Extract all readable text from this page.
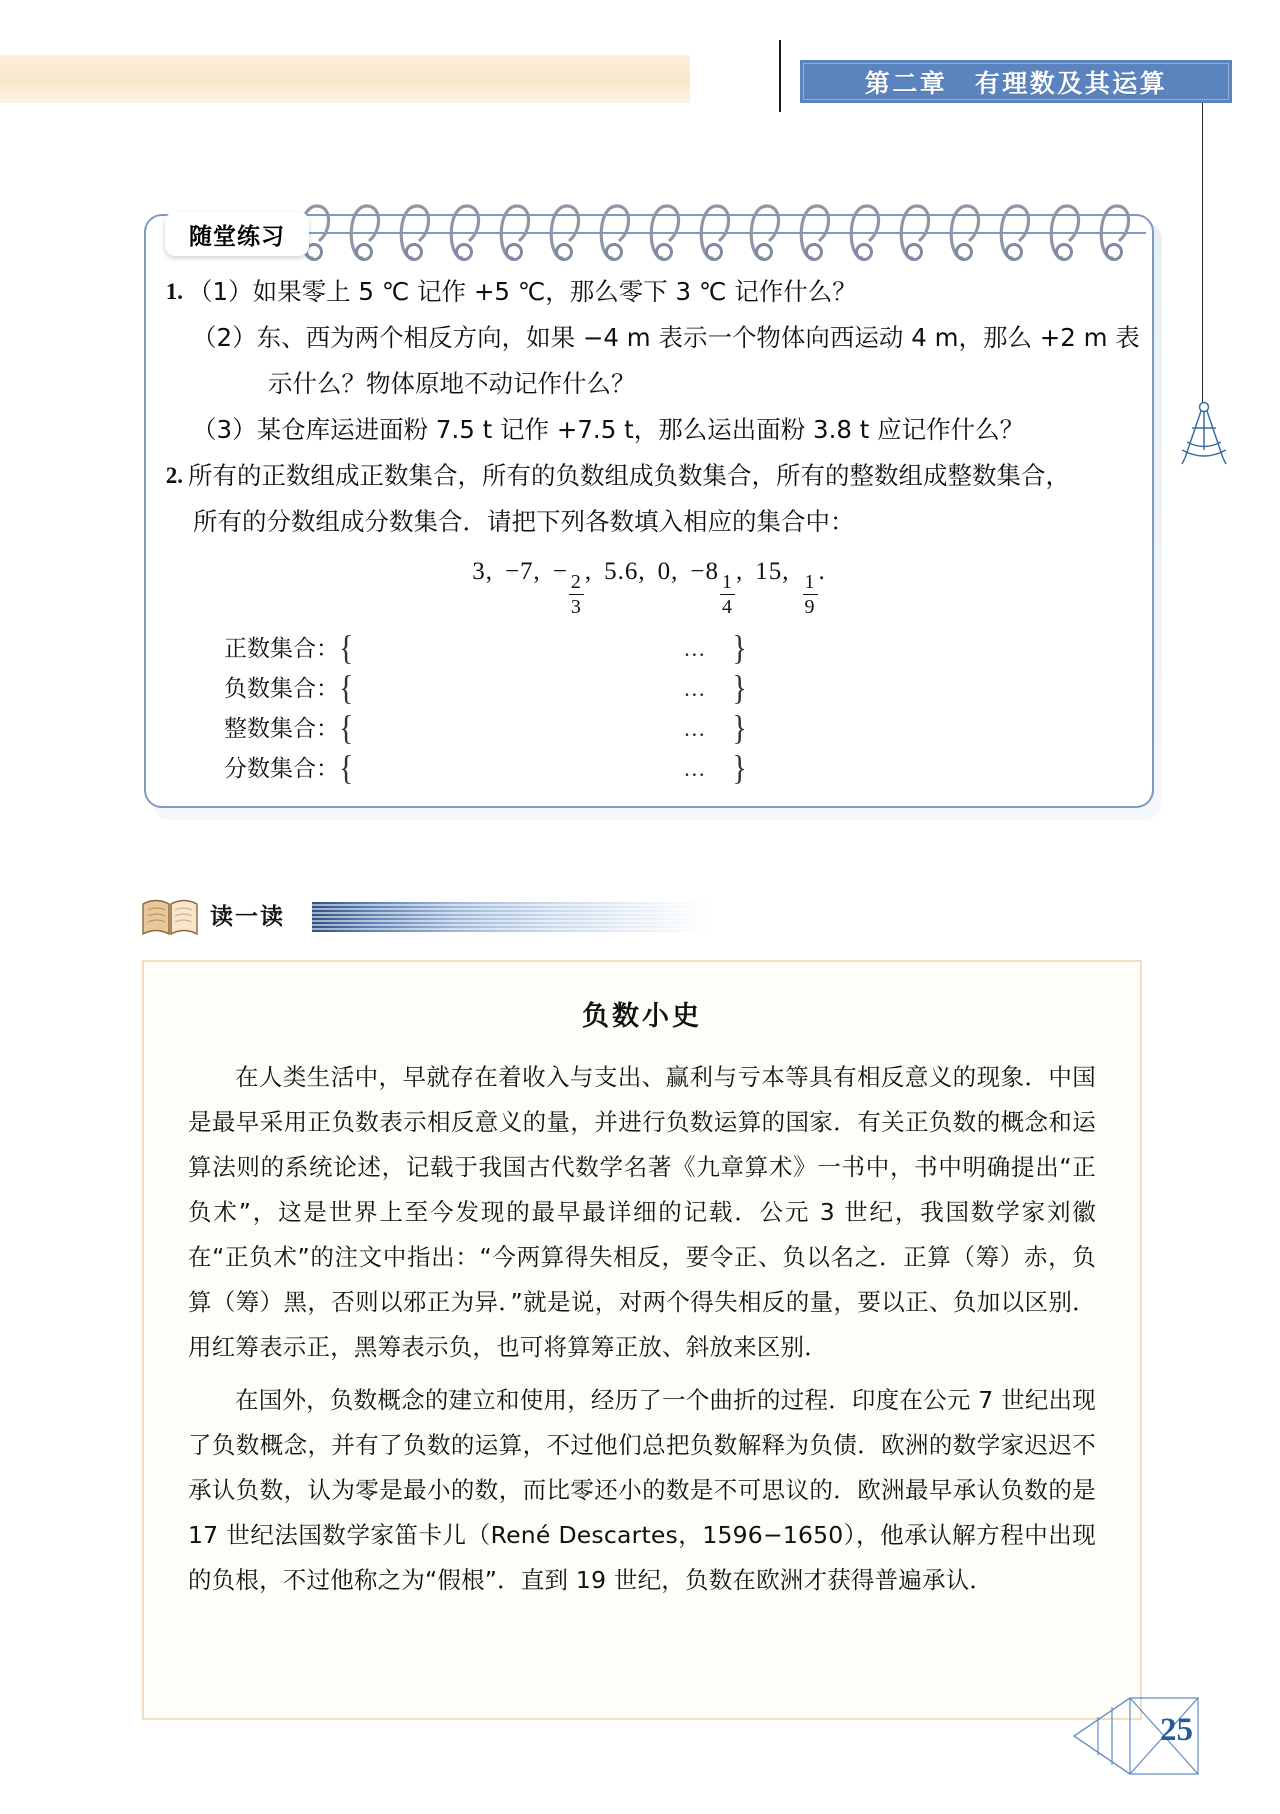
第二章　有理数及其运算
随堂练习
1. （1） 如果零上 5 ℃ 记作 +5 ℃，那么零下 3 ℃ 记作什么？
（2） 东、西为两个相反方向，如果 −4 m 表示一个物体向西运动 4 m，那么 +2 m 表
示什么？物体原地不动记作什么？
（3） 某仓库运进面粉 7.5 t 记作 +7.5 t，那么运出面粉 3.8 t 应记作什么？
2. 所有的正数组成正数集合，所有的负数组成负数集合，所有的整数组成整数集合，
所有的分数组成分数集合．请把下列各数填入相应的集合中：
3, −7, −
$\frac{2}{3}$
, 5.6, 0, −8
$\frac{1}{4}$
, 15,
$\frac{1}{9}$
.
正数集合： {	… }
负数集合： {	… }
整数集合： {	… }
分数集合： {	… }
读一读
负数小史

在人类生活中，早就存在着收入与支出、赢利与亏本等具有相反意义的现象．中国是最早采用正负数表示相反意义的量，并进行负数运算的国家．有关正负数的概念和运算法则的系统论述，记载于我国古代数学名著《九章算术》一书中，书中明确提出“正负术”，这是世界上至今发现的最早最详细的记载．公元 3 世纪，我国数学家刘徽在“正负术”的注文中指出：“今两算得失相反，要令正、负以名之．正算（筹）赤，负算（筹）黑，否则以邪正为异．”就是说，对两个得失相反的量，要以正、负加以区别．用红筹表示正，黑筹表示负，也可将算筹正放、斜放来区别．

在国外，负数概念的建立和使用，经历了一个曲折的过程．印度在公元 7 世纪出现了负数概念，并有了负数的运算，不过他们总把负数解释为负债．欧洲的数学家迟迟不承认负数，认为零是最小的数，而比零还小的数是不可思议的．欧洲最早承认负数的是 17 世纪法国数学家笛卡儿（René Descartes，1596−1650），他承认解方程中出现的负根，不过他称之为“假根”．直到 19 世纪，负数在欧洲才获得普遍承认．

25
